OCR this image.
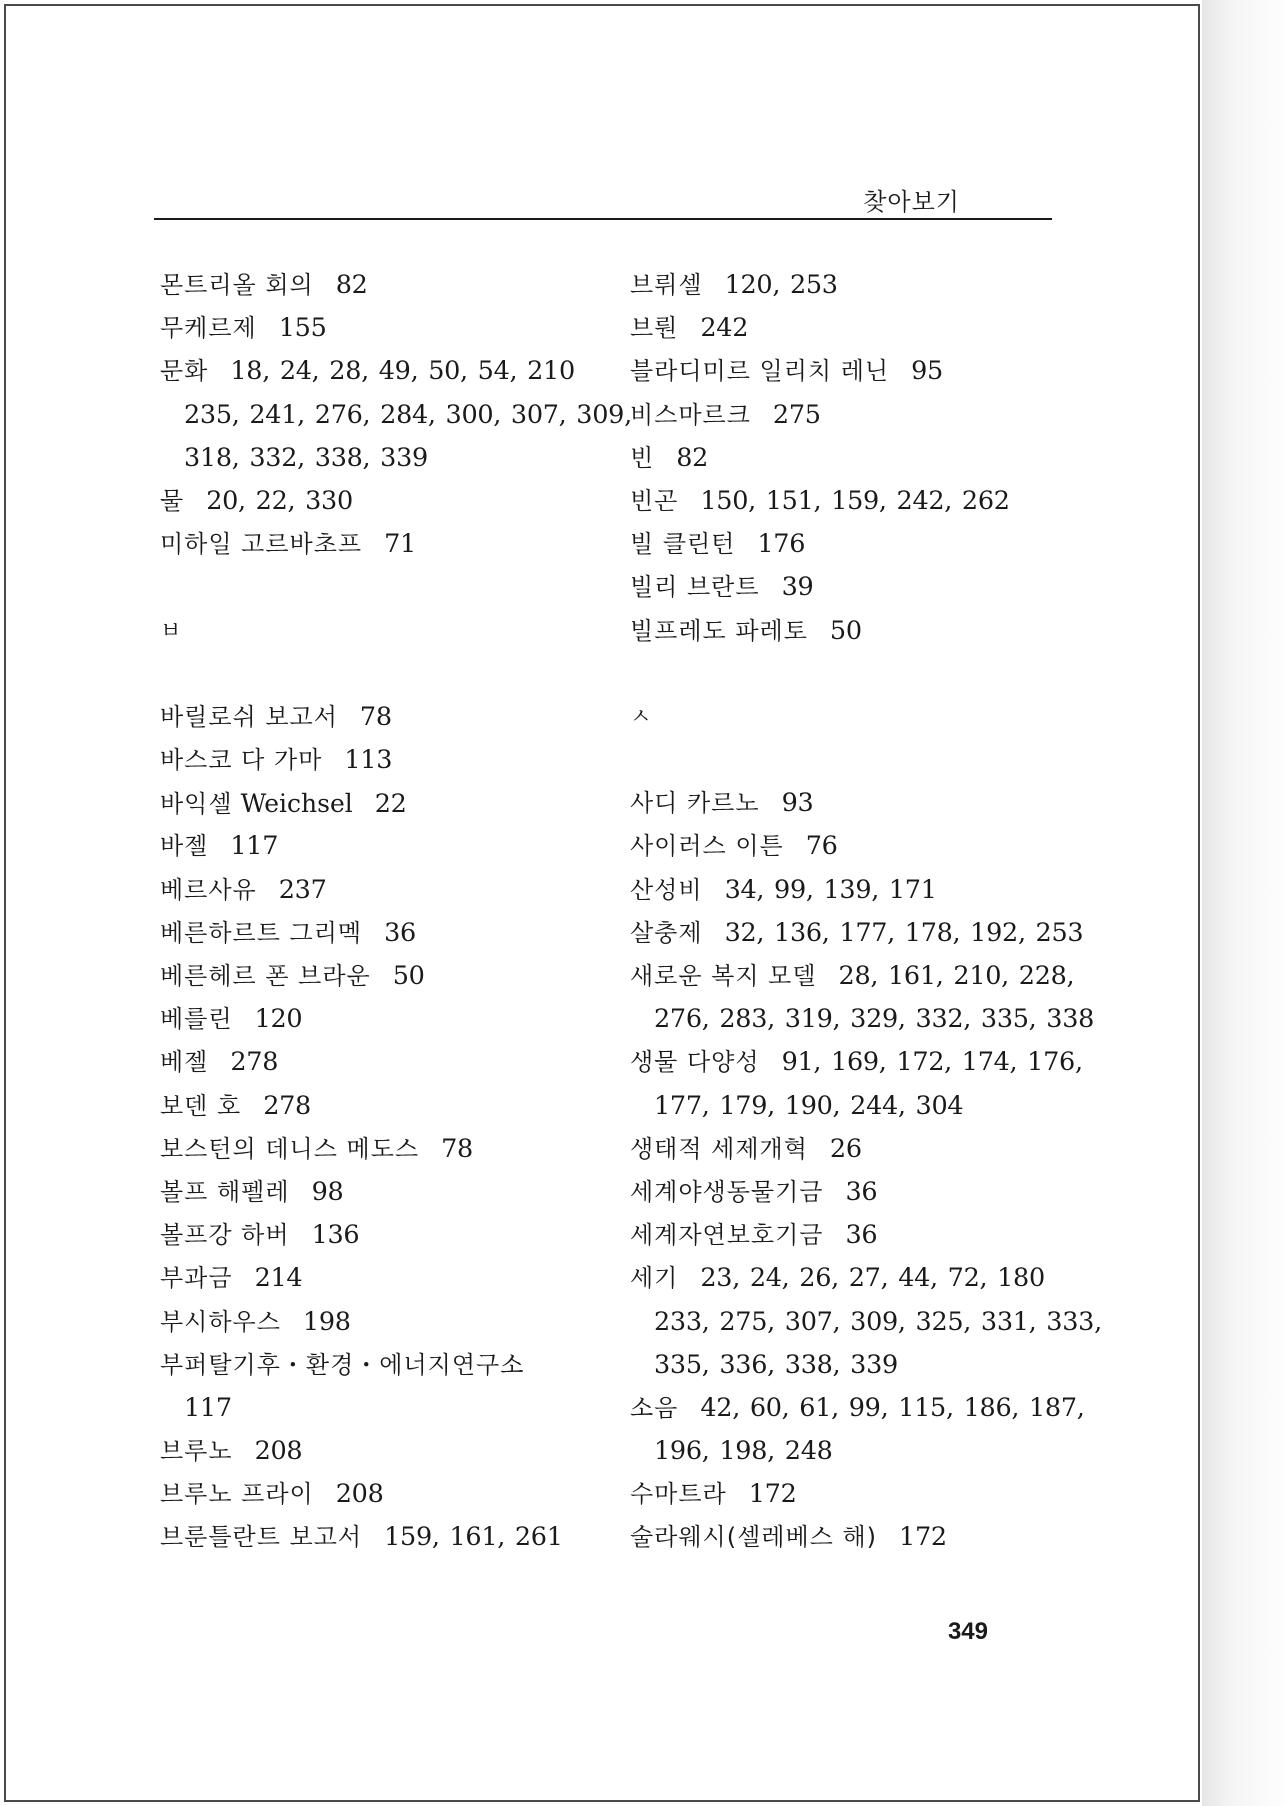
찾아보기
몬트리올 회의 82
무케르제 155
문화 18, 24, 28, 49, 50, 54, 210
235, 241, 276, 284, 300, 307, 309,
318, 332, 338, 339
물 20, 22, 330
미하일 고르바초프 71
ㅂ
바릴로쉬 보고서 78
바스코 다 가마 113
바익셀 Weichsel 22
바젤 117
베르사유 237
베른하르트 그리멕 36
베른헤르 폰 브라운 50
베를린 120
베젤 278
보덴 호 278
보스턴의 데니스 메도스 78
볼프 해펠레 98
볼프강 하버 136
부과금 214
부시하우스 198
부퍼탈기후・환경・에너지연구소
117
브루노 208
브루노 프라이 208
브룬틀란트 보고서 159, 161, 261
브뤼셀 120, 253
브뤈 242
블라디미르 일리치 레닌 95
비스마르크 275
빈 82
빈곤 150, 151, 159, 242, 262
빌 클린턴 176
빌리 브란트 39
빌프레도 파레토 50
ㅅ
사디 카르노 93
사이러스 이튼 76
산성비 34, 99, 139, 171
살충제 32, 136, 177, 178, 192, 253
새로운 복지 모델 28, 161, 210, 228,
276, 283, 319, 329, 332, 335, 338
생물 다양성 91, 169, 172, 174, 176,
177, 179, 190, 244, 304
생태적 세제개혁 26
세계야생동물기금 36
세계자연보호기금 36
세기 23, 24, 26, 27, 44, 72, 180
233, 275, 307, 309, 325, 331, 333,
335, 336, 338, 339
소음 42, 60, 61, 99, 115, 186, 187,
196, 198, 248
수마트라 172
술라웨시(셀레베스 해) 172
349
